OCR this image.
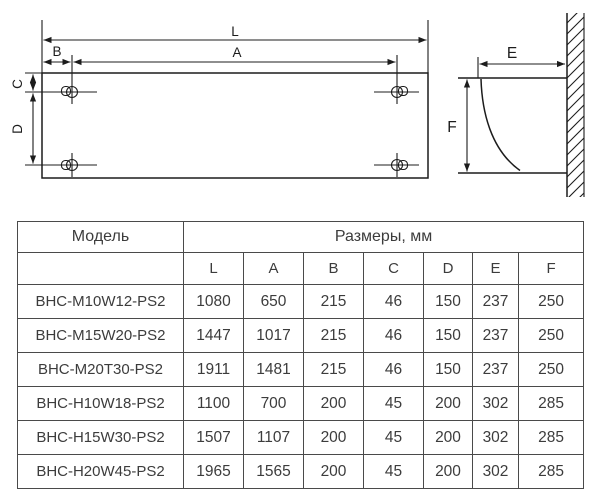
L
A
B
C
D
E
F
Модель	Размеры, мм						
	L	A	B	C	D	E	F
BHC-M10W12-PS2	1080	650	215	46	150	237	250
BHC-M15W20-PS2	1447	1017	215	46	150	237	250
BHC-M20T30-PS2	1911	1481	215	46	150	237	250
BHC-H10W18-PS2	1100	700	200	45	200	302	285
BHC-H15W30-PS2	1507	1107	200	45	200	302	285
BHC-H20W45-PS2	1965	1565	200	45	200	302	285
